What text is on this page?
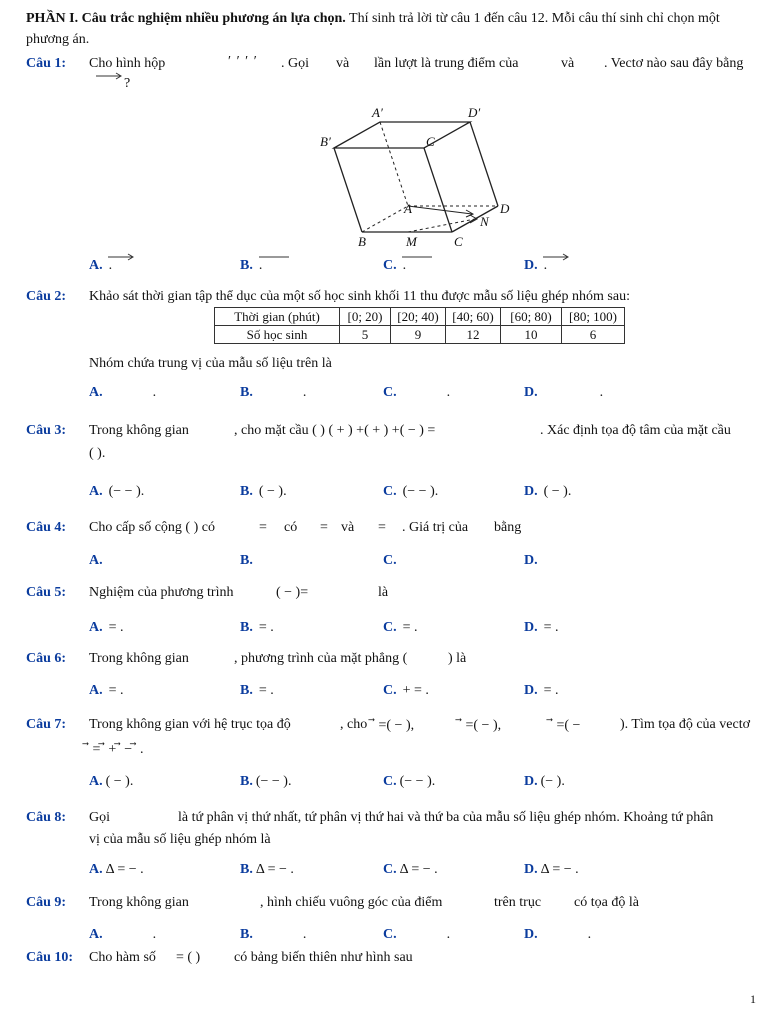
PHẦN I. Câu trắc nghiệm nhiều phương án lựa chọn. Thí sinh trả lời từ câu 1 đến câu 12. Mỗi câu thí sinh chỉ chọn một phương án.
Câu 1: Cho hình hộp	′ ′ ′ ′ . Gọi và lần lượt là trung điểm của	và . Vectơ nào sau đây bằng
?
A′	D′
B′	C
A	D
N
B	M	C
A. .	B. .	C. .	D. .
Câu 2: Khảo sát thời gian tập thể dục của một số học sinh khối 11 thu được mẫu số liệu ghép nhóm sau:
Thời gian (phút)	[0; 20)	[20; 40)	[40; 60)	[60; 80)	[80; 100)
Số học sinh	5	9	12	10	6
Nhóm chứa trung vị của mẫu số liệu trên là
A.	.	B.	.	C.	.	D.	.
Câu 3: Trong không gian	, cho mặt cầu ( ) ( + ) +( + ) +( − ) =	. Xác định tọa độ tâm của mặt cầu
( ).
A. (− − ).	B. ( − ).	C. (− − ).	D. ( − ).
Câu 4: Cho cấp số cộng ( ) có	= có = và = . Giá trị của bằng
A.	B.	C.	D.
Câu 5: Nghiệm của phương trình	( − )=	là
A. = .	B. = .	C. = .	D. = .
Câu 6: Trong không gian	, phương trình của mặt phẳng (	) là
A. = .	B. = .	C. + = .	D. = .
Câu 7: Trong không gian với hệ trục tọa độ	, cho ⃗ =( − ),	⃗ =( − ),	⃗ =( −	). Tìm tọa độ của vectơ
⃗ = ⃗ + ⃗ − ⃗ .
A. ( − ).	B. (− − ).	C. (− − ).	D. (− ).
Câu 8: Gọi	là tứ phân vị thứ nhất, tứ phân vị thứ hai và thứ ba của mẫu số liệu ghép nhóm. Khoảng tứ phân
vị của mẫu số liệu ghép nhóm là
A. Δ = − .	B. Δ = − .	C. Δ = − .	D. Δ = − .
Câu 9: Trong không gian	, hình chiếu vuông góc của điểm	trên trục có tọa độ là
A.	.	B.	.	C.	.	D.	.
Câu 10: Cho hàm số = ( ) có bảng biến thiên như hình sau
1
